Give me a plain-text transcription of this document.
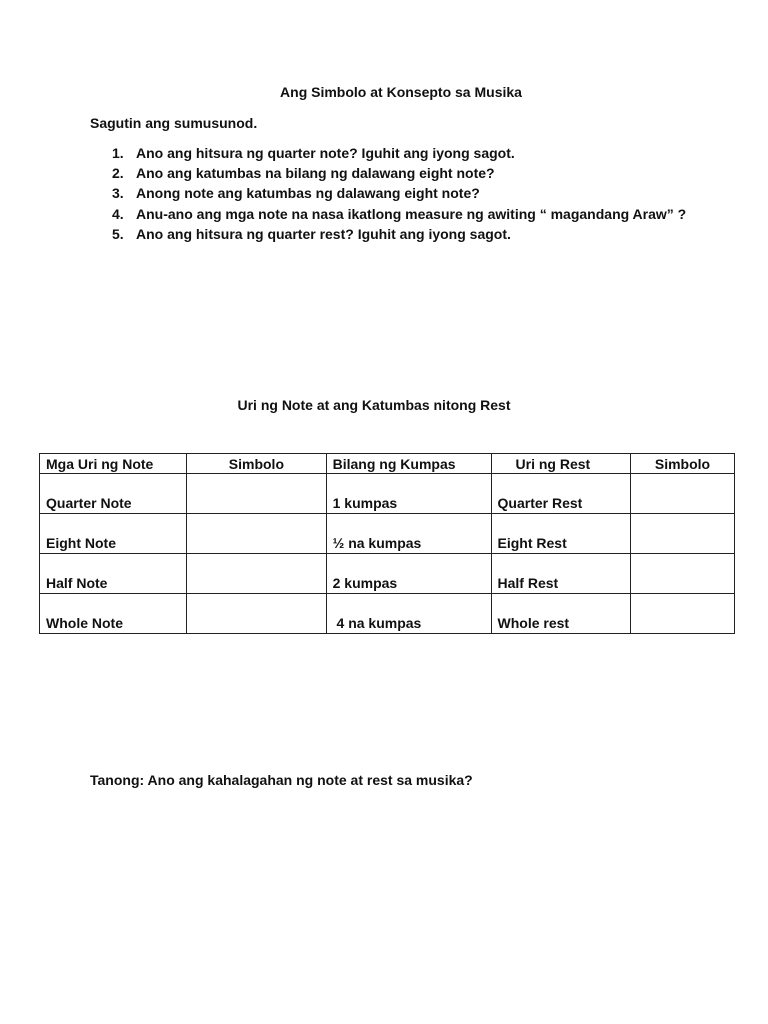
Ang Simbolo at Konsepto sa Musika
Sagutin ang sumusunod.
1. Ano ang hitsura ng quarter note? Iguhit ang iyong sagot.
2. Ano ang katumbas na bilang ng dalawang eight note?
3. Anong note ang katumbas ng dalawang eight note?
4. Anu-ano ang mga note na nasa ikatlong measure ng awiting “ magandang Araw” ?
5. Ano ang hitsura ng quarter rest? Iguhit ang iyong sagot.
Uri ng Note at ang Katumbas nitong Rest
Mga Uri ng Note	Simbolo	Bilang ng Kumpas	Uri ng Rest	Simbolo
Quarter Note		1 kumpas	Quarter Rest	
Eight Note		½ na kumpas	Eight Rest	
Half Note		2 kumpas	Half Rest	
Whole Note		4 na kumpas	Whole rest	
Tanong: Ano ang kahalagahan ng note at rest sa musika?
